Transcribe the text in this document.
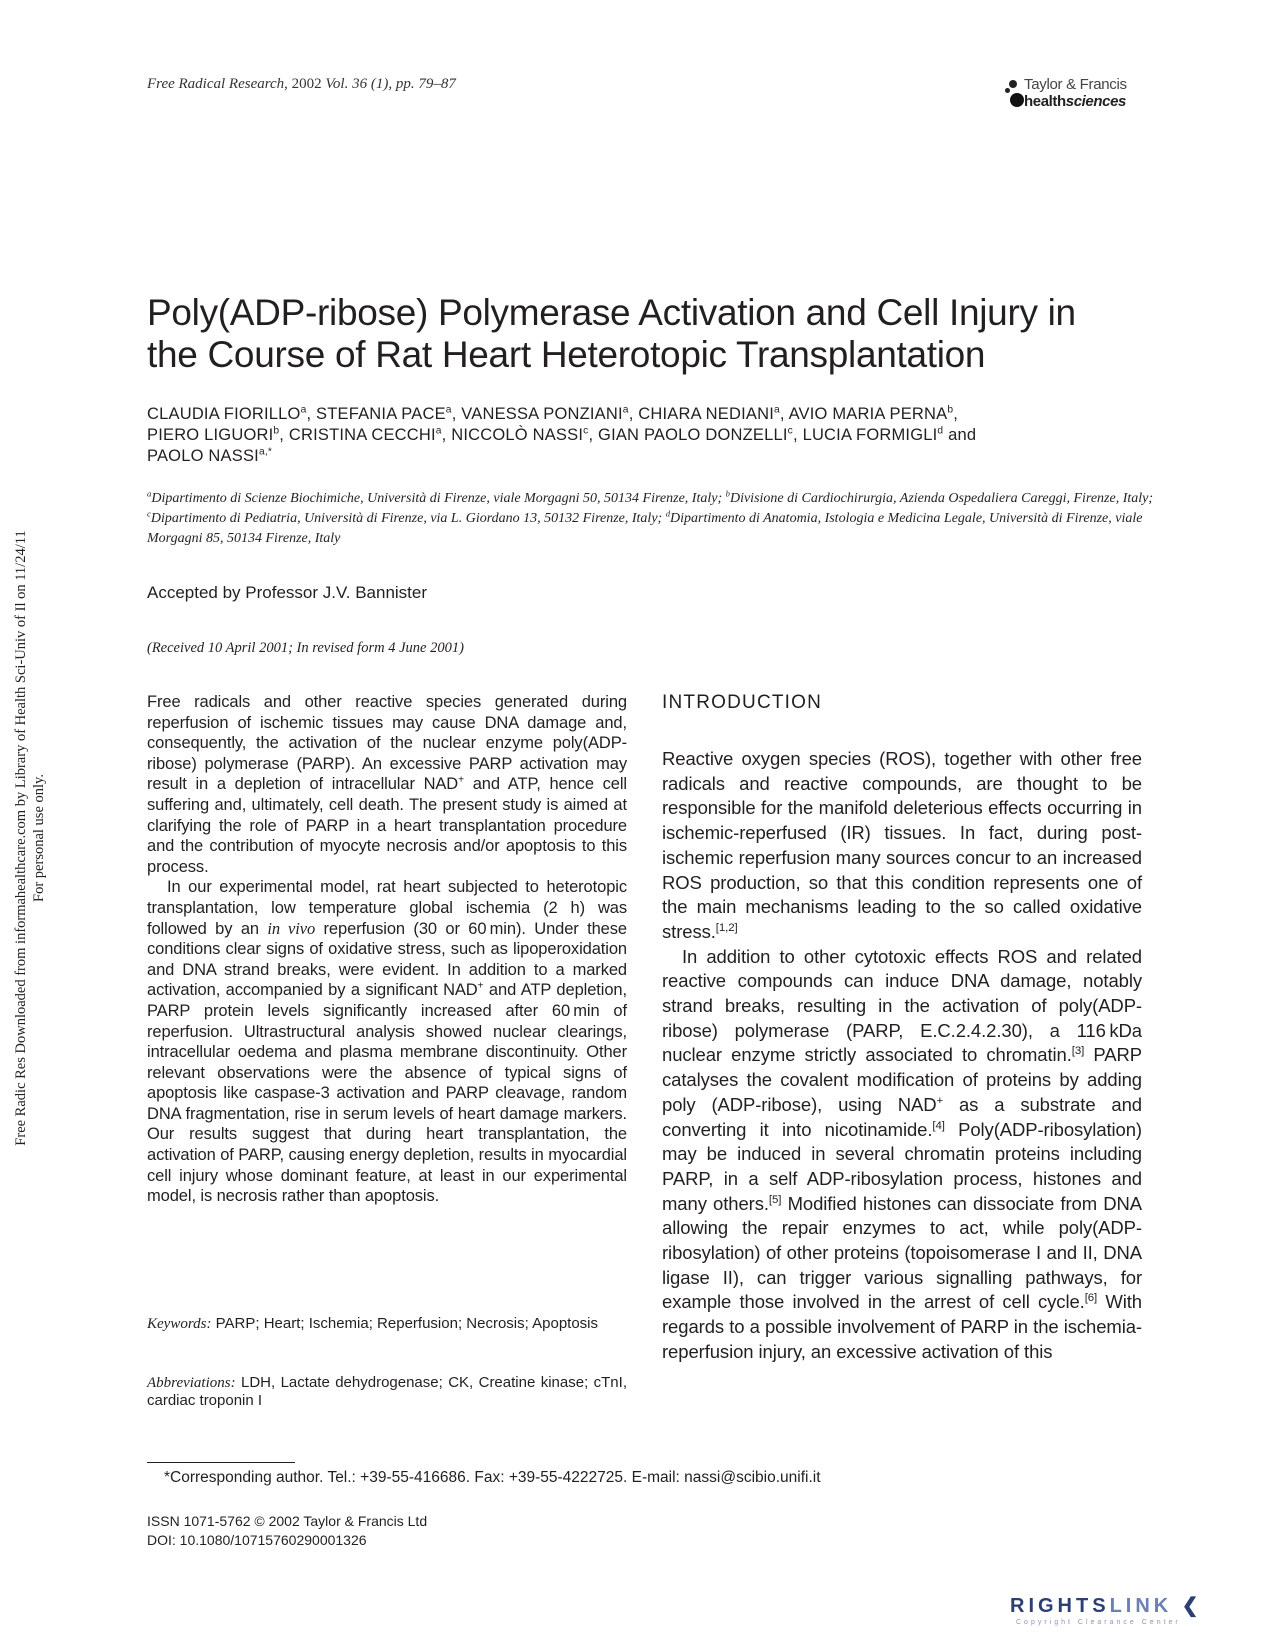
Free Radical Research, 2002 Vol. 36 (1), pp. 79–87	Taylor & Francis
healthsciences
Free Radic Res Downloaded from informahealthcare.com by Library of Health Sci-Univ of Il on 11/24/11 For personal use only.
Poly(ADP-ribose) Polymerase Activation and Cell Injury in
the Course of Rat Heart Heterotopic Transplantation
CLAUDIA FIORILLO$^a$, STEFANIA PACE$^a$, VANESSA PONZIANI$^a$, CHIARA NEDIANI$^a$, AVIO MARIA PERNA$^b$,
PIERO LIGUORI$^b$, CRISTINA CECCHI$^a$, NICCOLÒ NASSI$^c$, GIAN PAOLO DONZELLI$^c$, LUCIA FORMIGLI$^d$ and
PAOLO $NASSI^{a,*}$
$^a$Dipartimento di Scienze Biochimiche, Università di Firenze, viale Morgagni 50, 50134 Firenze, Italy; $^b$Divisione di Cardiochirurgia, Azienda Ospedaliera Careggi, Firenze, Italy; $^c$Dipartimento di Pediatria, Università di Firenze, via L. Giordano 13, 50132 Firenze, Italy; $^d$Dipartimento di Anatomia, Istologia e Medicina Legale, Università di Firenze, viale Morgagni 85, 50134 Firenze, Italy
Accepted by Professor J.V. Bannister
(Received 10 April 2001; In revised form 4 June 2001)

Free radicals and other reactive species generated during reperfusion of ischemic tissues may cause DNA damage and, consequently, the activation of the nuclear enzyme poly(ADP-ribose) polymerase (PARP). An excessive PARP activation may result in a depletion of intracellular NAD+ and ATP, hence cell suffering and, ultimately, cell death. The present study is aimed at clarifying the role of PARP in a heart transplantation procedure and the contribution of myocyte necrosis and/or apoptosis to this process.

In our experimental model, rat heart subjected to heterotopic transplantation, low temperature global ischemia (2 h) was followed by an in vivo reperfusion (30 or 60 min). Under these conditions clear signs of oxidative stress, such as lipoperoxidation and DNA strand breaks, were evident. In addition to a marked activation, accompanied by a significant NAD+ and ATP depletion, PARP protein levels significantly increased after 60 min of reperfusion. Ultrastructural analysis showed nuclear clearings, intracellular oedema and plasma membrane discontinuity. Other relevant observations were the absence of typical signs of apoptosis like caspase-3 activation and PARP cleavage, random DNA fragmentation, rise in serum levels of heart damage markers. Our results suggest that during heart transplantation, the activation of PARP, causing energy depletion, results in myocardial cell injury whose dominant feature, at least in our experimental model, is necrosis rather than apoptosis.

Keywords: PARP; Heart; Ischemia; Reperfusion; Necrosis; Apoptosis
Abbreviations: LDH, Lactate dehydrogenase; CK, Creatine kinase; cTnI, cardiac troponin I
INTRODUCTION

Reactive oxygen species (ROS), together with other free radicals and reactive compounds, are thought to be responsible for the manifold deleterious effects occurring in ischemic-reperfused (IR) tissues. In fact, during post-ischemic reperfusion many sources concur to an increased ROS production, so that this condition represents one of the main mechanisms leading to the so called oxidative stress.[1,2]

In addition to other cytotoxic effects ROS and related reactive compounds can induce DNA damage, notably strand breaks, resulting in the activation of poly(ADP-ribose) polymerase (PARP, E.C.2.4.2.30), a 116 kDa nuclear enzyme strictly associated to chromatin.[3] PARP catalyses the covalent modification of proteins by adding poly (ADP-ribose), using NAD+ as a substrate and converting it into nicotinamide.[4] Poly(ADP-ribosylation) may be induced in several chromatin proteins including PARP, in a self ADP-ribosylation process, histones and many others.[5] Modified histones can dissociate from DNA allowing the repair enzymes to act, while poly(ADP-ribosylation) of other proteins (topoisomerase I and II, DNA ligase II), can trigger various signalling pathways, for example those involved in the arrest of cell cycle.[6] With regards to a possible involvement of PARP in the ischemia-reperfusion injury, an excessive activation of this

*Corresponding author. Tel.: +39-55-416686. Fax: +39-55-4222725. E-mail: nassi@scibio.unifi.it
ISSN 1071-5762 © 2002 Taylor & Francis Ltd
DOI: 10.1080/10715760290001326
RIGHTSLINK ❮
Copyright Clearance Center
